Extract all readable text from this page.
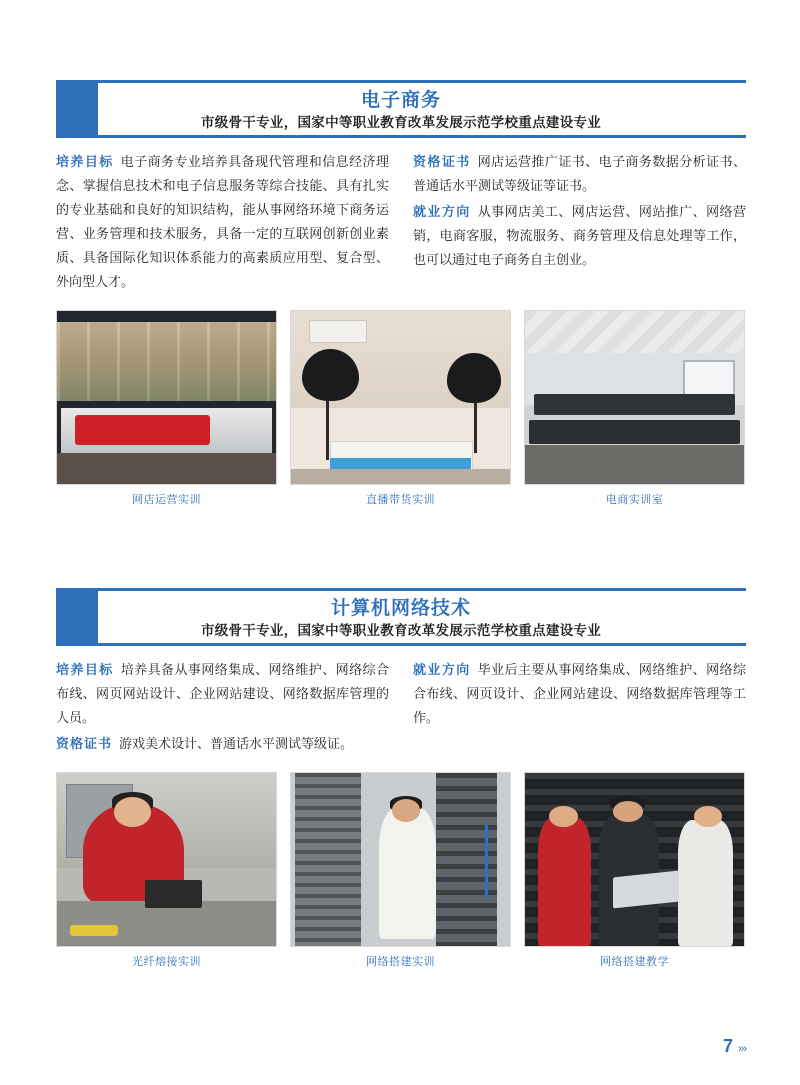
电子商务
市级骨干专业，国家中等职业教育改革发展示范学校重点建设专业
培养目标 电子商务专业培养具备现代管理和信息经济理念、掌握信息技术和电子信息服务等综合技能、具有扎实的专业基础和良好的知识结构，能从事网络环境下商务运营、业务管理和技术服务，具备一定的互联网创新创业素质、具备国际化知识体系能力的高素质应用型、复合型、外向型人才。
资格证书 网店运营推广证书、电子商务数据分析证书、普通话水平测试等级证等证书。
就业方向 从事网店美工、网店运营、网站推广、网络营销，电商客服，物流服务、商务管理及信息处理等工作，也可以通过电子商务自主创业。
网店运营实训	直播带货实训	电商实训室
计算机网络技术
市级骨干专业，国家中等职业教育改革发展示范学校重点建设专业
培养目标 培养具备从事网络集成、网络维护、网络综合布线、网页网站设计、企业网站建设、网络数据库管理的人员。
资格证书 游戏美术设计、普通话水平测试等级证。
就业方向 毕业后主要从事网络集成、网络维护、网络综合布线、网页设计、企业网站建设、网络数据库管理等工作。
光纤熔接实训	网络搭建实训	网络搭建教学
7 ›››
